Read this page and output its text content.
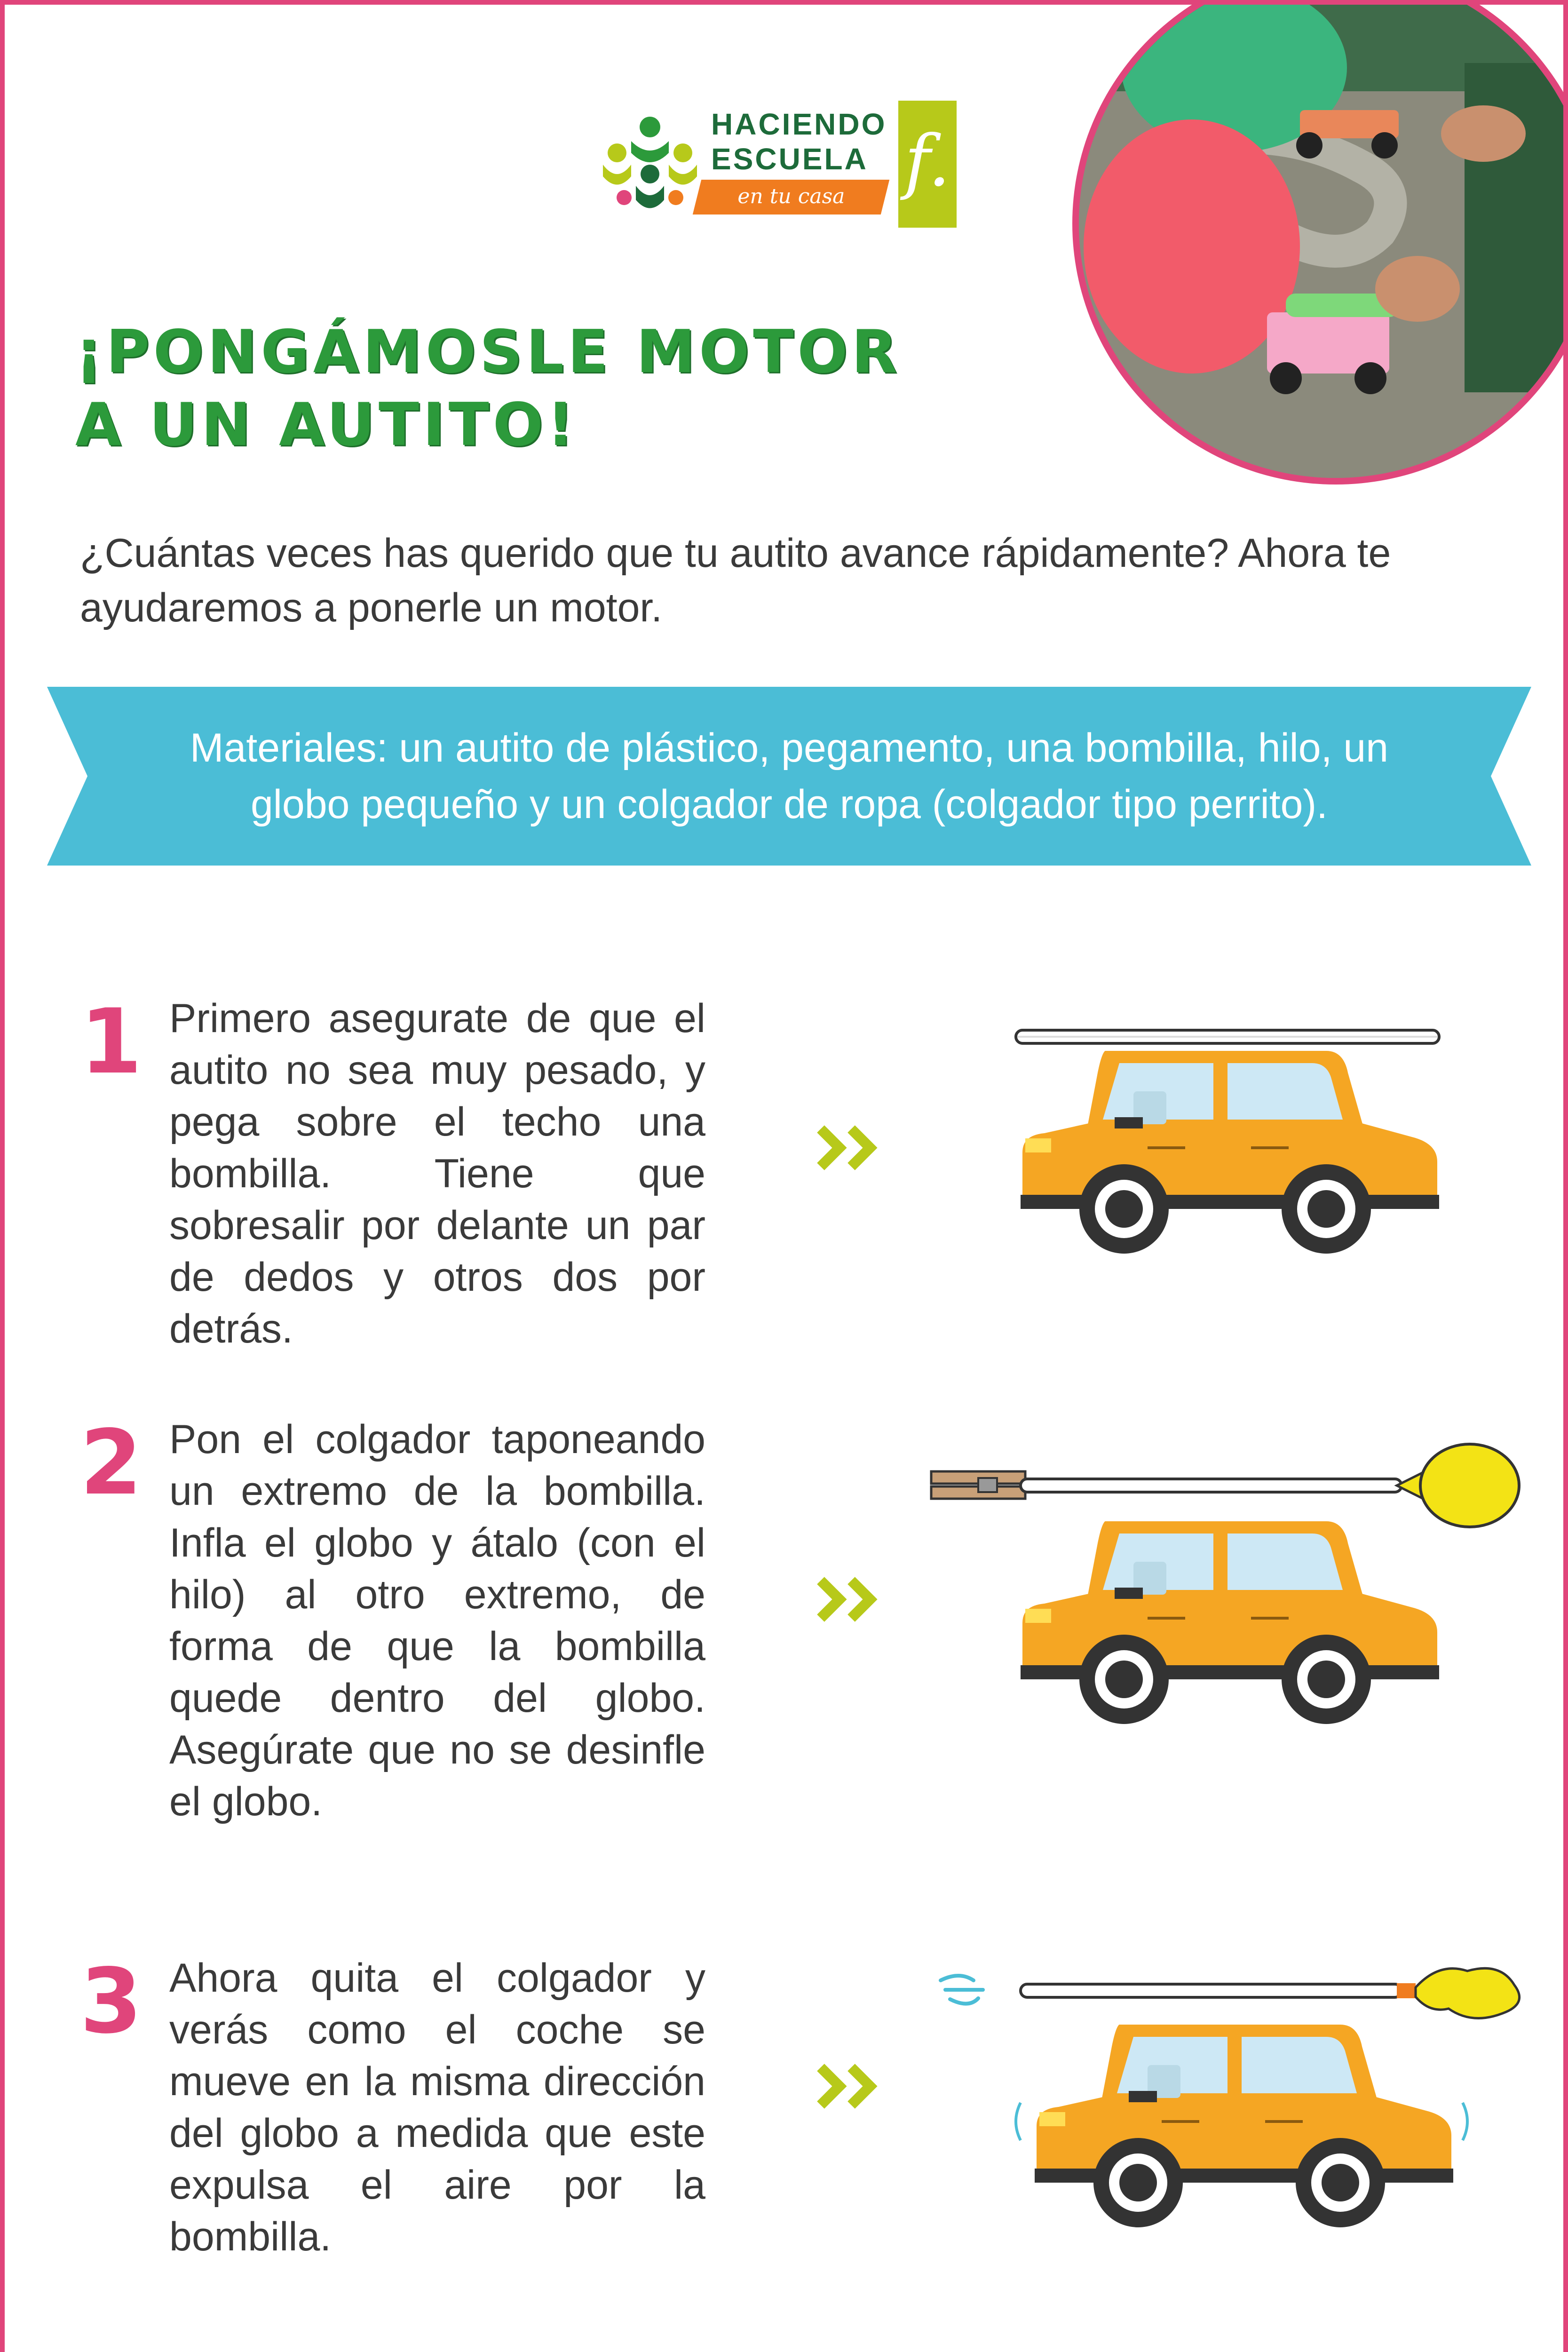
HACIENDO
ESCUELA
en tu casa f.
¡PONGÁMOSLE MOTOR
A UN AUTITO!

¿Cuántas veces has querido que tu autito avance rápidamente? Ahora te ayudaremos a ponerle un motor.

Materiales: un autito de plástico, pegamento, una bombilla, hilo, un globo pequeño y un colgador de ropa (colgador tipo perrito).

1 Primero asegurate de que el autito no sea muy pesado, y pega sobre el techo una bombilla. Tiene que sobresalir por delante un par de dedos y otros dos por detrás.

2 Pon el colgador taponeando un extremo de la bombilla. Infla el globo y átalo (con el hilo) al otro extremo, de forma de que la bombilla quede dentro del globo. Asegúrate que no se desinfle el globo.

3 Ahora quita el colgador y verás como el coche se mueve en la misma dirección del globo a medida que este expulsa el aire por la bombilla.
